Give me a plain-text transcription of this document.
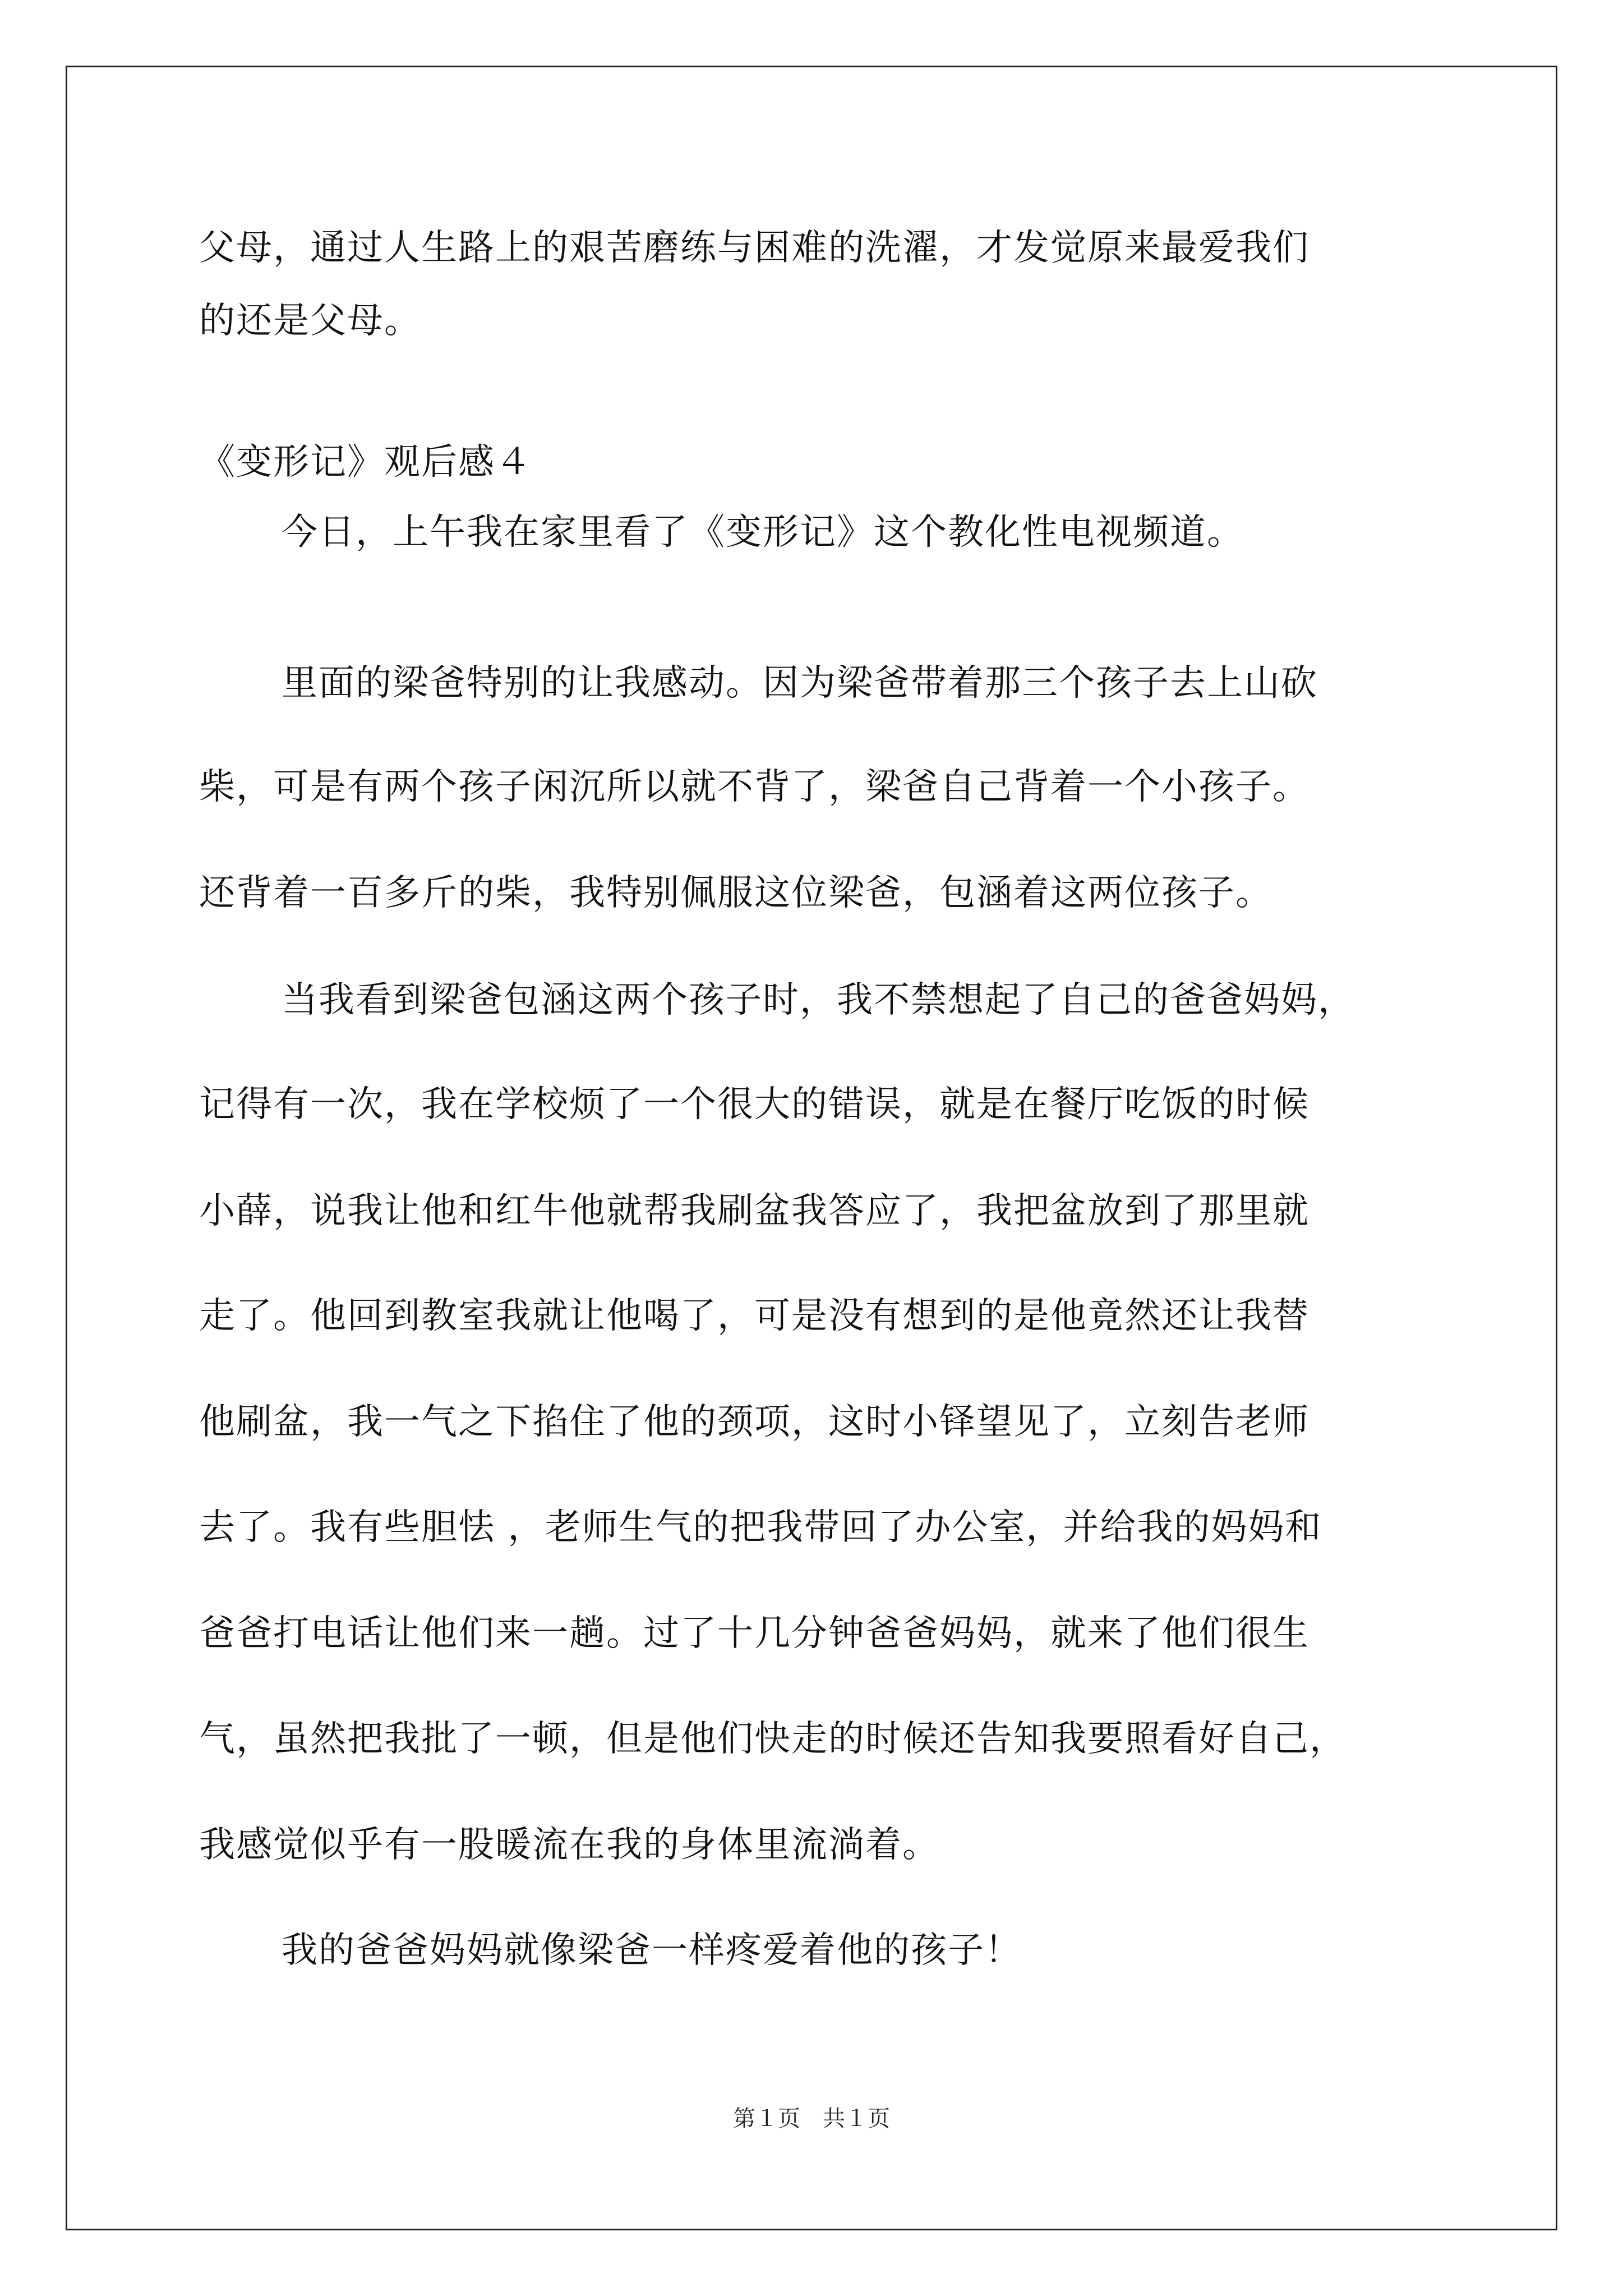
父母，通过人生路上的艰苦磨练与困难的洗濯，才发觉原来最爱我们
的还是父母。
《变形记》观后感４
今日，上午我在家里看了《变形记》这个教化性电视频道。
里面的梁爸特别的让我感动。因为梁爸带着那三个孩子去上山砍
柴，可是有两个孩子闲沉所以就不背了，梁爸自己背着一个小孩子。
还背着一百多斤的柴，我特别佩服这位梁爸，包涵着这两位孩子。
当我看到梁爸包涵这两个孩子时，我不禁想起了自己的爸爸妈妈，
记得有一次，我在学校烦了一个很大的错误，就是在餐厅吃饭的时候
小薛，说我让他和红牛他就帮我刷盆我答应了，我把盆放到了那里就
走了。他回到教室我就让他喝了，可是没有想到的是他竟然还让我替
他刷盆，我一气之下掐住了他的颈项，这时小铎望见了，立刻告老师
去了。我有些胆怯 ，老师生气的把我带回了办公室，并给我的妈妈和
爸爸打电话让他们来一趟。过了十几分钟爸爸妈妈，就来了他们很生
气，虽然把我批了一顿，但是他们快走的时候还告知我要照看好自己，
我感觉似乎有一股暖流在我的身体里流淌着。
我的爸爸妈妈就像梁爸一样疼爱着他的孩子！
第１页　共１页
